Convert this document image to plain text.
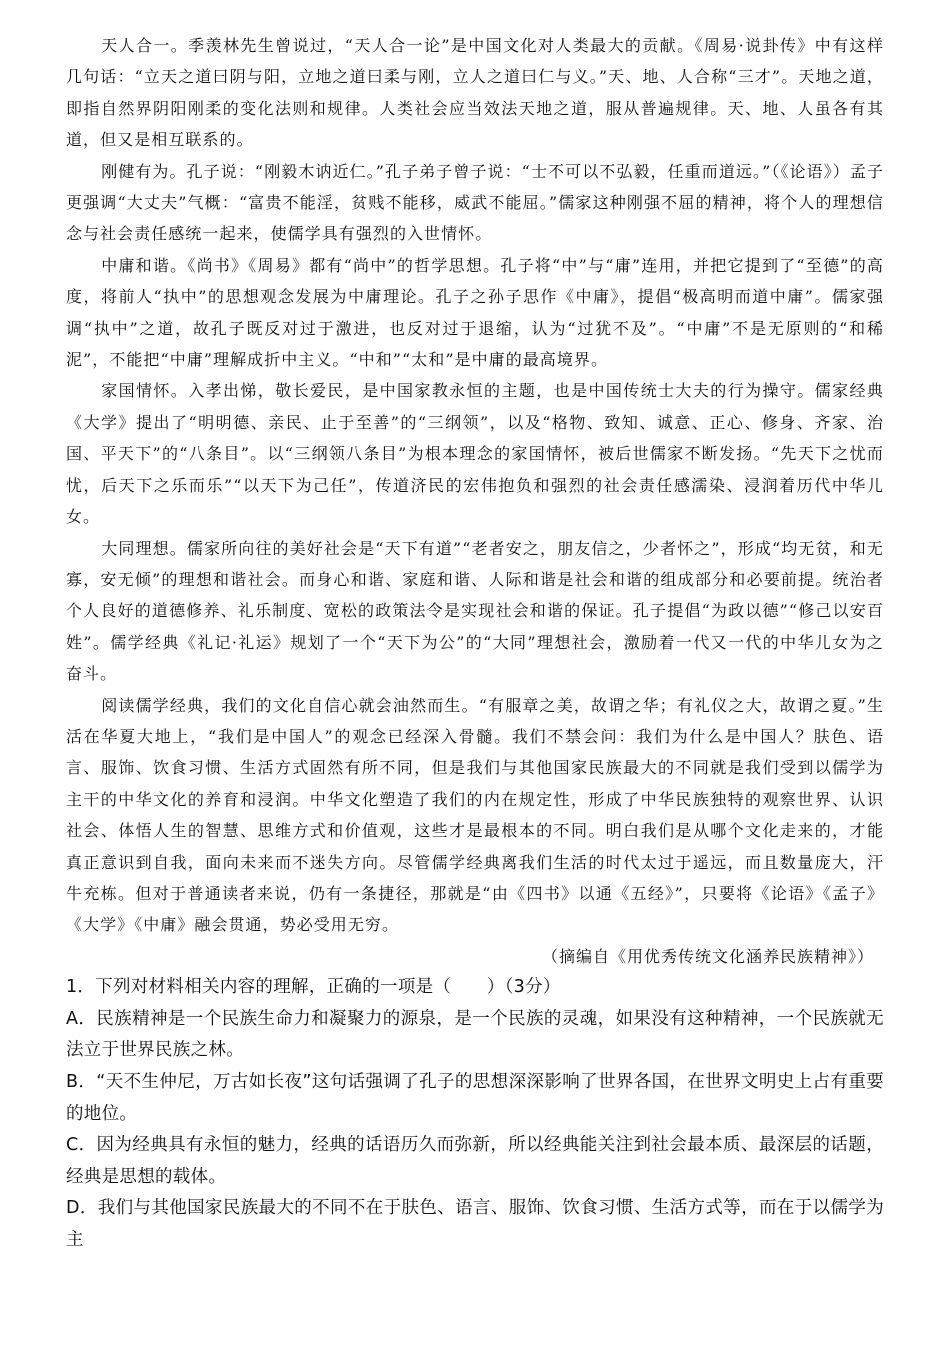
天人合一。季羡林先生曾说过，“天人合一论”是中国文化对人类最大的贡献。《周易·说卦传》中有这样几句话：“立天之道曰阴与阳，立地之道曰柔与刚，立人之道曰仁与义。”天、地、人合称“三才”。天地之道，即指自然界阴阳刚柔的变化法则和规律。人类社会应当效法天地之道，服从普遍规律。天、地、人虽各有其道，但又是相互联系的。

刚健有为。孔子说：“刚毅木讷近仁。”孔子弟子曾子说：“士不可以不弘毅，任重而道远。”（《论语》）孟子更强调“大丈夫”气概：“富贵不能淫，贫贱不能移，威武不能屈。”儒家这种刚强不屈的精神，将个人的理想信念与社会责任感统一起来，使儒学具有强烈的入世情怀。

中庸和谐。《尚书》《周易》都有“尚中”的哲学思想。孔子将“中”与“庸”连用，并把它提到了“至德”的高度，将前人“执中”的思想观念发展为中庸理论。孔子之孙子思作《中庸》，提倡“极高明而道中庸”。儒家强调“执中”之道，故孔子既反对过于激进，也反对过于退缩，认为“过犹不及”。“中庸”不是无原则的“和稀泥”，不能把“中庸”理解成折中主义。“中和”“太和”是中庸的最高境界。

家国情怀。入孝出悌，敬长爱民，是中国家教永恒的主题，也是中国传统士大夫的行为操守。儒家经典《大学》提出了“明明德、亲民、止于至善”的“三纲领”，以及“格物、致知、诚意、正心、修身、齐家、治国、平天下”的“八条目”。以“三纲领八条目”为根本理念的家国情怀，被后世儒家不断发扬。“先天下之忧而忧，后天下之乐而乐”“以天下为己任”，传道济民的宏伟抱负和强烈的社会责任感濡染、浸润着历代中华儿女。

大同理想。儒家所向往的美好社会是“天下有道”“老者安之，朋友信之，少者怀之”，形成“均无贫，和无寡，安无倾”的理想和谐社会。而身心和谐、家庭和谐、人际和谐是社会和谐的组成部分和必要前提。统治者个人良好的道德修养、礼乐制度、宽松的政策法令是实现社会和谐的保证。孔子提倡“为政以德”“修己以安百姓”。儒学经典《礼记·礼运》规划了一个“天下为公”的“大同”理想社会，激励着一代又一代的中华儿女为之奋斗。

阅读儒学经典，我们的文化自信心就会油然而生。“有服章之美，故谓之华；有礼仪之大，故谓之夏。”生活在华夏大地上，“我们是中国人”的观念已经深入骨髓。我们不禁会问：我们为什么是中国人？肤色、语言、服饰、饮食习惯、生活方式固然有所不同，但是我们与其他国家民族最大的不同就是我们受到以儒学为主干的中华文化的养育和浸润。中华文化塑造了我们的内在规定性，形成了中华民族独特的观察世界、认识社会、体悟人生的智慧、思维方式和价值观，这些才是最根本的不同。明白我们是从哪个文化走来的，才能真正意识到自我，面向未来而不迷失方向。尽管儒学经典离我们生活的时代太过于遥远，而且数量庞大，汗牛充栋。但对于普通读者来说，仍有一条捷径，那就是“由《四书》以通《五经》”，只要将《论语》《孟子》《大学》《中庸》融会贯通，势必受用无穷。

（摘编自《用优秀传统文化涵养民族精神》）

1．下列对材料相关内容的理解，正确的一项是（　　）（3分）

A．民族精神是一个民族生命力和凝聚力的源泉，是一个民族的灵魂，如果没有这种精神，一个民族就无法立于世界民族之林。

B．“天不生仲尼，万古如长夜”这句话强调了孔子的思想深深影响了世界各国，在世界文明史上占有重要的地位。

C．因为经典具有永恒的魅力，经典的话语历久而弥新，所以经典能关注到社会最本质、最深层的话题，经典是思想的载体。

D．我们与其他国家民族最大的不同不在于肤色、语言、服饰、饮食习惯、生活方式等，而在于以儒学为主
